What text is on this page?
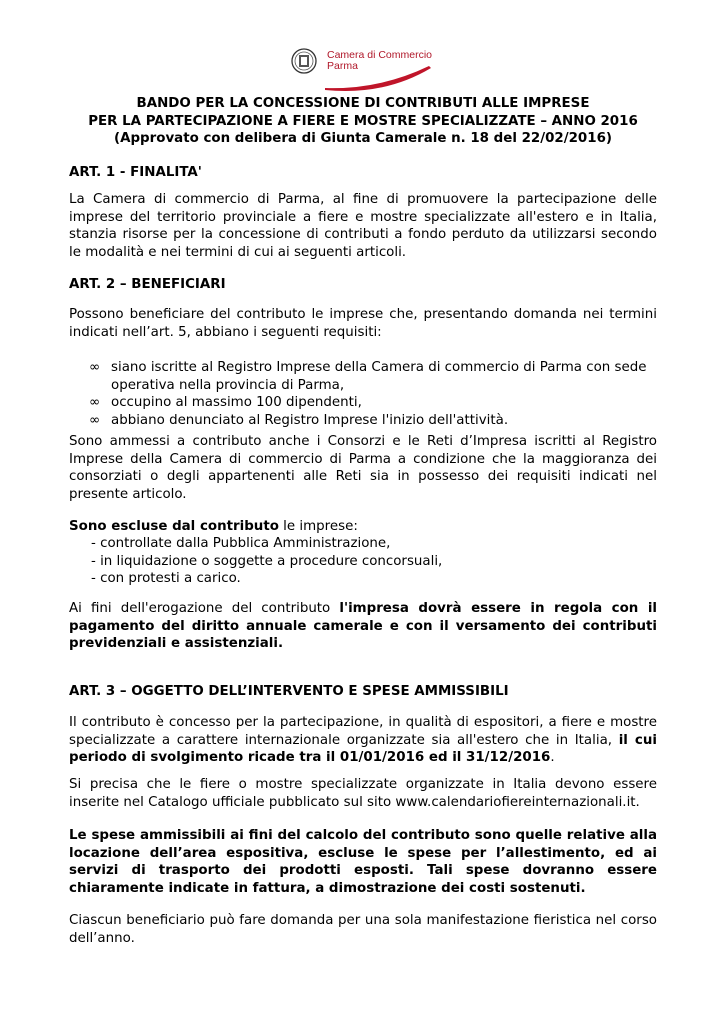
Camera di Commercio
Parma
BANDO PER LA CONCESSIONE DI CONTRIBUTI ALLE IMPRESE
PER LA PARTECIPAZIONE A FIERE E MOSTRE SPECIALIZZATE – ANNO 2016
(Approvato con delibera di Giunta Camerale n. 18 del 22/02/2016)
ART. 1 - FINALITA'
La Camera di commercio di Parma, al fine di promuovere la partecipazione delle
imprese del territorio provinciale a fiere e mostre specializzate all'estero e in Italia,
stanzia risorse per la concessione di contributi a fondo perduto da utilizzarsi secondo
le modalità e nei termini di cui ai seguenti articoli.
ART. 2 – BENEFICIARI
Possono beneficiare del contributo le imprese che, presentando domanda nei termini
indicati nell’art. 5, abbiano i seguenti requisiti:
∞ siano iscritte al Registro Imprese della Camera di commercio di Parma con sede
operativa nella provincia di Parma,
∞ occupino al massimo 100 dipendenti,
∞ abbiano denunciato al Registro Imprese l'inizio dell'attività.
Sono ammessi a contributo anche i Consorzi e le Reti d’Impresa iscritti al Registro
Imprese della Camera di commercio di Parma a condizione che la maggioranza dei
consorziati o degli appartenenti alle Reti sia in possesso dei requisiti indicati nel
presente articolo.
Sono escluse dal contributo le imprese:
- controllate dalla Pubblica Amministrazione,
- in liquidazione o soggette a procedure concorsuali,
- con protesti a carico.
Ai fini dell'erogazione del contributo l'impresa dovrà essere in regola con il
pagamento del diritto annuale camerale e con il versamento dei contributi
previdenziali e assistenziali.
ART. 3 – OGGETTO DELL’INTERVENTO E SPESE AMMISSIBILI
Il contributo è concesso per la partecipazione, in qualità di espositori, a fiere e mostre
specializzate a carattere internazionale organizzate sia all'estero che in Italia, il cui
periodo di svolgimento ricade tra il 01/01/2016 ed il 31/12/2016.
Si precisa che le fiere o mostre specializzate organizzate in Italia devono essere
inserite nel Catalogo ufficiale pubblicato sul sito www.calendariofiereinternazionali.it.
Le spese ammissibili ai fini del calcolo del contributo sono quelle relative alla
locazione dell’area espositiva, escluse le spese per l’allestimento, ed ai
servizi di trasporto dei prodotti esposti. Tali spese dovranno essere
chiaramente indicate in fattura, a dimostrazione dei costi sostenuti.
Ciascun beneficiario può fare domanda per una sola manifestazione fieristica nel corso
dell’anno.
